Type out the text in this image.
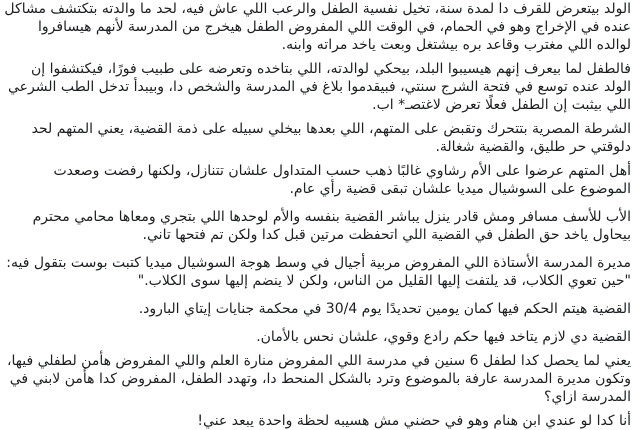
الولد بيتعرض للقرف دا لمدة سنة، تخيل نفسية الطفل والرعب اللي عاش فيه، لحد ما والدته بتكتشف مشاكل عنده في الإخراج وهو في الحمام، في الوقت اللي المفروض الطفل هيخرج من المدرسة لأنهم هيسافروا لوالده اللي مغترب وقاعد بره بيشتغل وبعت ياخد مراته وابنه.

فالطفل لما بيعرف إنهم هيسيبوا البلد، بيحكي لوالدته، اللي بتاخده وتعرضه على طبيب فورًا، فيكتشفوا إن الولد عنده توسع في فتحة الشرج سنتي، فبيقدموا بلاغ في المدرسة والشخص دا، وبيبدأ تدخل الطب الشرعي اللي بيثبت إن الطفل فعلًا تعرض لاغتصـ* اب.

الشرطة المصرية بتتحرك وتقبض على المتهم، اللي بعدها بيخلي سبيله على ذمة القضية، يعني المتهم لحد دلوقتي حر طليق، والقضية شغالة.

أهل المتهم عرضوا على الأم رشاوي غالبًا ذهب حسب المتداول علشان تتنازل، ولكنها رفضت وصعدت الموضوع على السوشيال ميديا علشان تبقى قضية رأي عام.

الأب للأسف مسافر ومش قادر ينزل يباشر القضية بنفسه والأم لوحدها اللي بتجري ومعاها محامي محترم بيحاول ياخد حق الطفل في القضية اللي اتحفظت مرتين قبل كدا ولكن تم فتحها تاني.

مديرة المدرسة الأستاذة اللي المفروض مربية أجيال في وسط هوجة السوشيال ميديا كتبت بوست بتقول فيه: "حين تعوي الكلاب، قد يلتفت إليها القليل من الناس، ولكن لا ينضم إليها سوى الكلاب."

القضية هيتم الحكم فيها كمان يومين تحديدًا يوم 30/4 في محكمة جنايات إيتاي البارود.

القضية دي لازم يتاخد فيها حكم رادع وقوي، علشان نحس بالأمان.

يعني لما يحصل كدا لطفل 6 سنين في مدرسة اللي المفروض منارة العلم واللي المفروض هأمن لطفلي فيها، وتكون مديرة المدرسة عارفة بالموضوع وترد بالشكل المنحط دا، وتهدد الطفل، المفروض كدا هأمن لابني في المدرسة ازاي؟

أنا كدا لو عندي ابن هنام وهو في حضني مش هسيبه لحظة واحدة يبعد عني!
